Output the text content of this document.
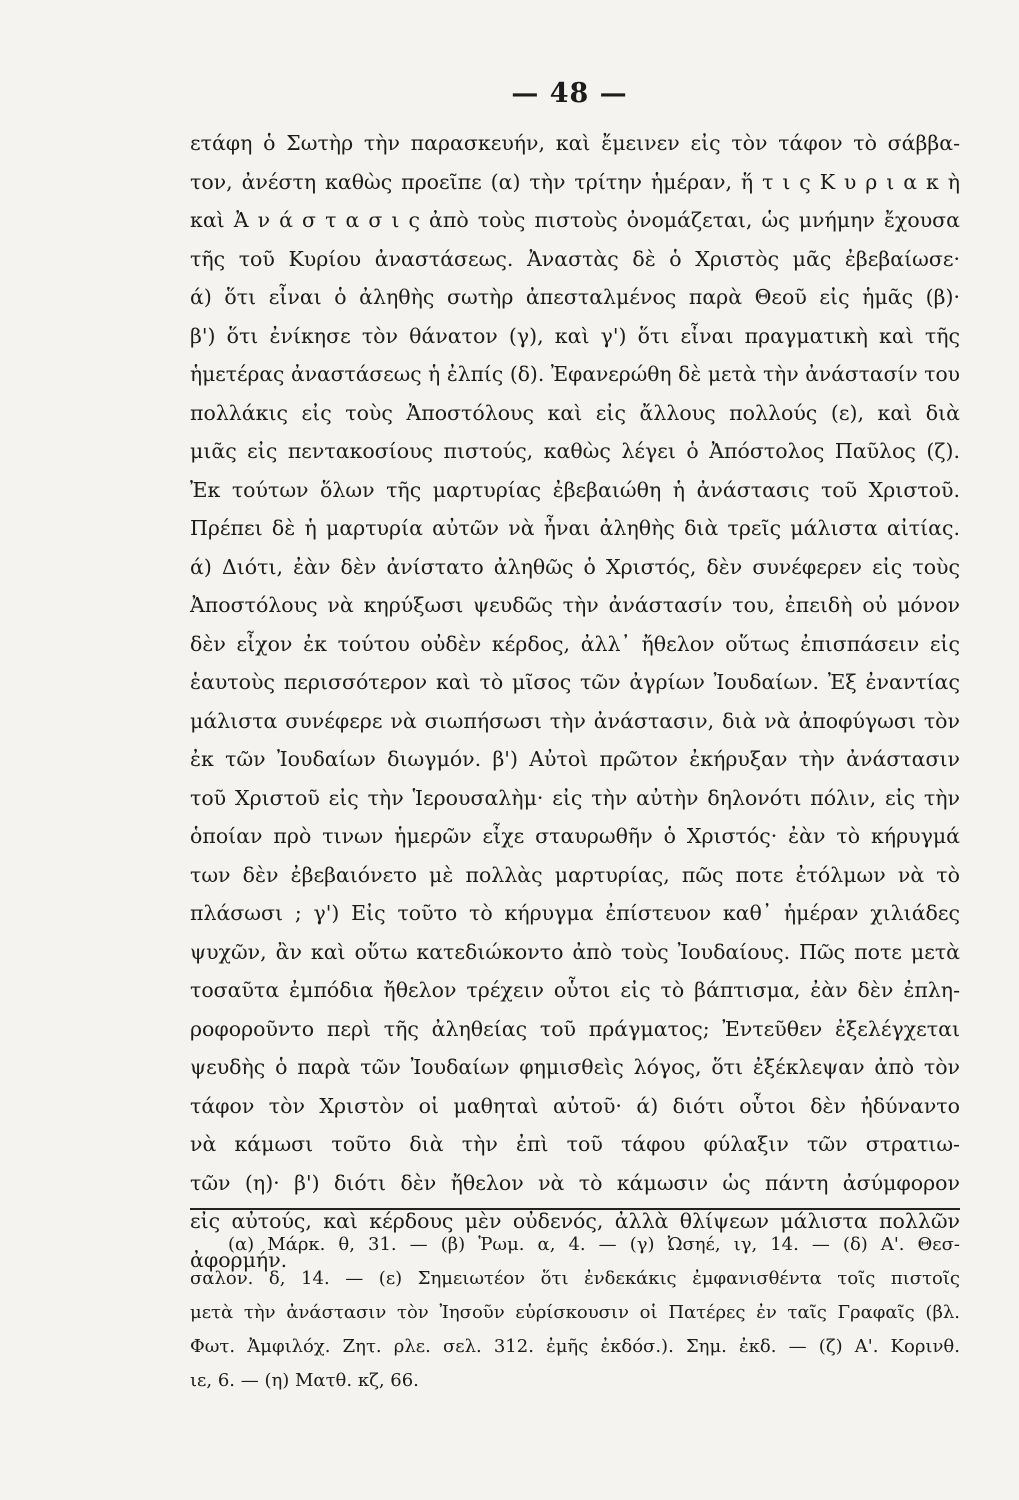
— 48 —
ετάφη ὁ Σωτὴρ τὴν παρασκευήν, καὶ ἔμεινεν εἰς τὸν τάφον τὸ σάββα-
τον, ἀνέστη καθὼς προεῖπε (α) τὴν τρίτην ἡμέραν, ἥ τ ι ς Κ υ ρ ι α κ ὴ
καὶ Ἀ ν ά σ τ α σ ι ς ἀπὸ τοὺς πιστοὺς ὀνομάζεται, ὡς μνήμην ἔχουσα
τῆς τοῦ Κυρίου ἀναστάσεως. Ἀναστὰς δὲ ὁ Χριστὸς μᾶς ἐβεβαίωσε·
ά) ὅτι εἶναι ὁ ἀληθὴς σωτὴρ ἀπεσταλμένος παρὰ Θεοῦ εἰς ἡμᾶς (β)·
β') ὅτι ἐνίκησε τὸν θάνατον (γ), καὶ γ') ὅτι εἶναι πραγματικὴ καὶ τῆς
ἡμετέρας ἀναστάσεως ἡ ἐλπίς (δ). Ἐφανερώθη δὲ μετὰ τὴν ἀνάστασίν του
πολλάκις εἰς τοὺς Ἀποστόλους καὶ εἰς ἄλλους πολλούς (ε), καὶ διὰ
μιᾶς εἰς πεντακοσίους πιστούς, καθὼς λέγει ὁ Ἀπόστολος Παῦλος (ζ).
Ἐκ τούτων ὅλων τῆς μαρτυρίας ἐβεβαιώθη ἡ ἀνάστασις τοῦ Χριστοῦ.
Πρέπει δὲ ἡ μαρτυρία αὐτῶν νὰ ἦναι ἀληθὴς διὰ τρεῖς μάλιστα αἰτίας.
ά) Διότι, ἐὰν δὲν ἀνίστατο ἀληθῶς ὁ Χριστός, δὲν συνέφερεν εἰς τοὺς
Ἀποστόλους νὰ κηρύξωσι ψευδῶς τὴν ἀνάστασίν του, ἐπειδὴ οὐ μόνον
δὲν εἶχον ἐκ τούτου οὐδὲν κέρδος, ἀλλ᾽ ἤθελον οὕτως ἐπισπάσειν εἰς
ἑαυτοὺς περισσότερον καὶ τὸ μῖσος τῶν ἀγρίων Ἰουδαίων. Ἐξ ἐναντίας
μάλιστα συνέφερε νὰ σιωπήσωσι τὴν ἀνάστασιν, διὰ νὰ ἀποφύγωσι τὸν
ἐκ τῶν Ἰουδαίων διωγμόν. β') Αὐτοὶ πρῶτον ἐκήρυξαν τὴν ἀνάστασιν
τοῦ Χριστοῦ εἰς τὴν Ἱερουσαλὴμ· εἰς τὴν αὐτὴν δηλονότι πόλιν, εἰς τὴν
ὁποίαν πρὸ τινων ἡμερῶν εἶχε σταυρωθῆν ὁ Χριστός· ἐὰν τὸ κήρυγμά
των δὲν ἐβεβαιόνετο μὲ πολλὰς μαρτυρίας, πῶς ποτε ἐτόλμων νὰ τὸ
πλάσωσι ; γ') Εἰς τοῦτο τὸ κήρυγμα ἐπίστευον καθ᾽ ἡμέραν χιλιάδες
ψυχῶν, ἂν καὶ οὕτω κατεδιώκοντο ἀπὸ τοὺς Ἰουδαίους. Πῶς ποτε μετὰ
τοσαῦτα ἐμπόδια ἤθελον τρέχειν οὗτοι εἰς τὸ βάπτισμα, ἐὰν δὲν ἐπλη-
ροφοροῦντο περὶ τῆς ἀληθείας τοῦ πράγματος; Ἐντεῦθεν ἐξελέγχεται
ψευδὴς ὁ παρὰ τῶν Ἰουδαίων φημισθεὶς λόγος, ὅτι ἐξέκλεψαν ἀπὸ τὸν
τάφον τὸν Χριστὸν οἱ μαθηταὶ αὐτοῦ· ά) διότι οὗτοι δὲν ἠδύναντο
νὰ κάμωσι τοῦτο διὰ τὴν ἐπὶ τοῦ τάφου φύλαξιν τῶν στρατιω-
τῶν (η)· β') διότι δὲν ἤθελον νὰ τὸ κάμωσιν ὡς πάντη ἀσύμφορον
εἰς αὐτούς, καὶ κέρδους μὲν οὐδενός, ἀλλὰ θλίψεων μάλιστα πολλῶν
ἀφορμήν.
(α) Μάρκ. θ, 31. — (β) Ῥωμ. α, 4. — (γ) Ὠσηέ, ιγ, 14. — (δ) Α'. Θεσ-
σαλον. δ, 14. — (ε) Σημειωτέον ὅτι ἐνδεκάκις ἐμφανισθέντα τοῖς πιστοῖς
μετὰ τὴν ἀνάστασιν τὸν Ἰησοῦν εὑρίσκουσιν οἱ Πατέρες ἐν ταῖς Γραφαῖς (βλ.
Φωτ. Ἀμφιλόχ. Ζητ. ρλε. σελ. 312. ἐμῆς ἐκδόσ.). Σημ. ἐκδ. — (ζ) Α'. Κορινθ.
ιε, 6. — (η) Ματθ. κζ, 66.
